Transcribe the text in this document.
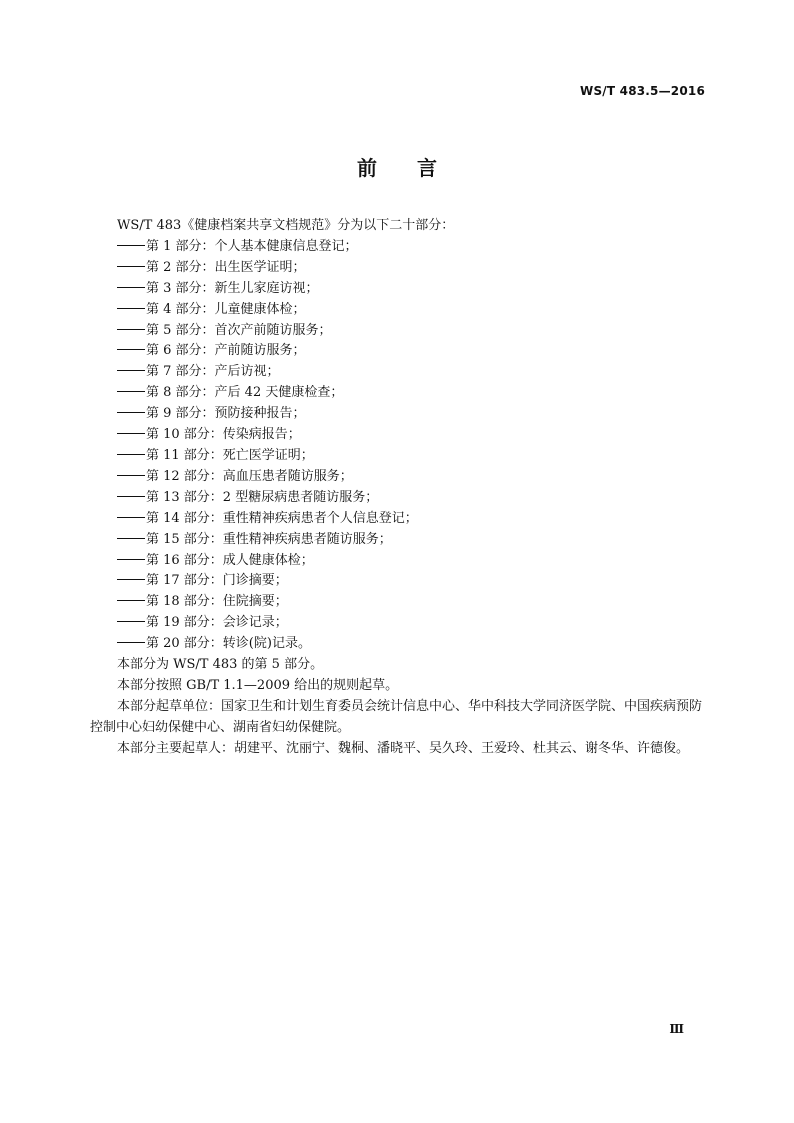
WS/T 483.5—2016
前言

WS/T 483《健康档案共享文档规范》分为以下二十部分：

第 1 部分：个人基本健康信息登记；
第 2 部分：出生医学证明；
第 3 部分：新生儿家庭访视；
第 4 部分：儿童健康体检；
第 5 部分：首次产前随访服务；
第 6 部分：产前随访服务；
第 7 部分：产后访视；
第 8 部分：产后 42 天健康检查；
第 9 部分：预防接种报告；
第 10 部分：传染病报告；
第 11 部分：死亡医学证明；
第 12 部分：高血压患者随访服务；
第 13 部分：2 型糖尿病患者随访服务；
第 14 部分：重性精神疾病患者个人信息登记；
第 15 部分：重性精神疾病患者随访服务；
第 16 部分：成人健康体检；
第 17 部分：门诊摘要；
第 18 部分：住院摘要；
第 19 部分：会诊记录；
第 20 部分：转诊(院)记录。

本部分为 WS/T 483 的第 5 部分。

本部分按照 GB/T 1.1—2009 给出的规则起草。

本部分起草单位：国家卫生和计划生育委员会统计信息中心、华中科技大学同济医学院、中国疾病预防控制中心妇幼保健中心、湖南省妇幼保健院。

本部分主要起草人：胡建平、沈丽宁、魏桐、潘晓平、吴久玲、王爱玲、杜其云、谢冬华、许德俊。

Ⅲ
